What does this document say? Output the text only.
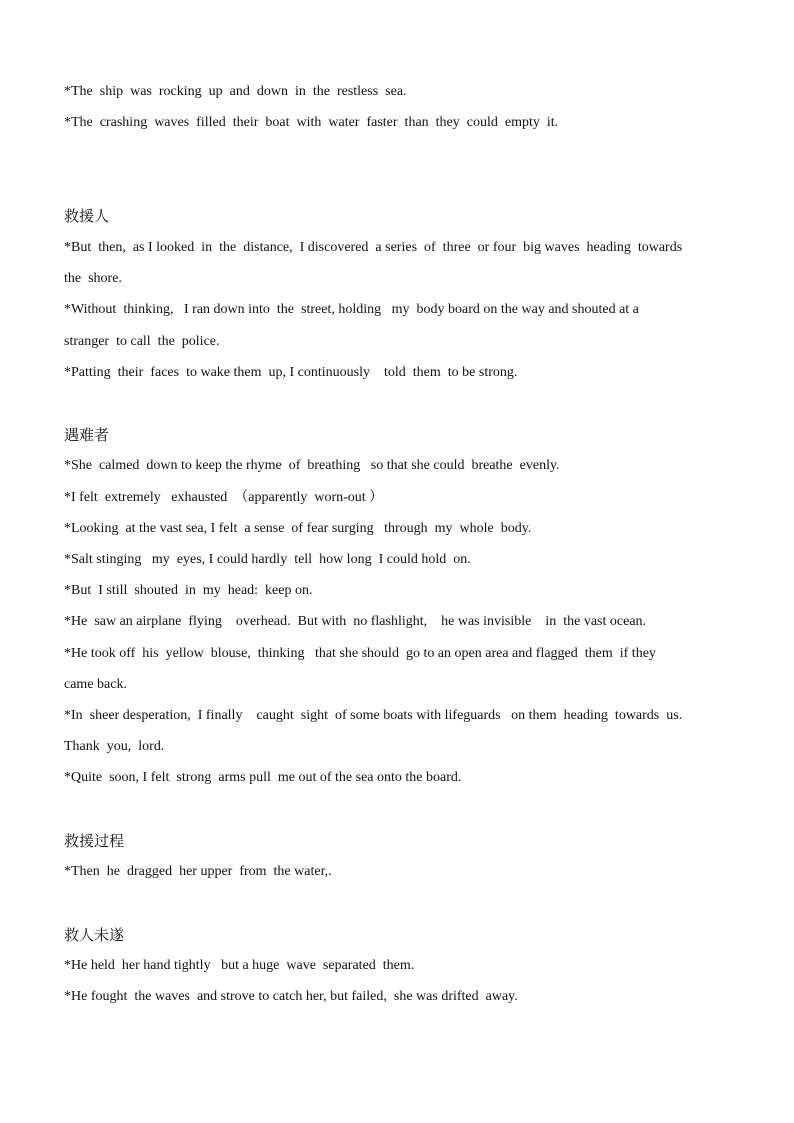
*The  ship  was  rocking  up  and  down  in  the  restless  sea.
*The  crashing  waves  filled  their  boat  with  water  faster  than  they  could  empty  it.
救援人
*But  then,  as I looked  in  the  distance,  I discovered  a series  of  three  or four  big waves  heading  towards
the  shore.
*Without  thinking,   I ran down into  the  street, holding   my  body board on the way and shouted at a
stranger  to call  the  police.
*Patting  their  faces  to wake them  up, I continuously    told  them  to be strong.
遇难者
*She  calmed  down to keep the rhyme  of  breathing   so that she could  breathe  evenly.
*I felt  extremely   exhausted  （apparently  worn-out ）
*Looking  at the vast sea, I felt  a sense  of fear surging   through  my  whole  body.
*Salt stinging   my  eyes, I could hardly  tell  how long  I could hold  on.
*But  I still  shouted  in  my  head:  keep on.
*He  saw an airplane  flying    overhead.  But with  no flashlight,    he was invisible    in  the vast ocean.
*He took off  his  yellow  blouse,  thinking   that she should  go to an open area and flagged  them  if they
came back.
*In  sheer desperation,  I finally    caught  sight  of some boats with lifeguards   on them  heading  towards  us.
Thank  you,  lord.
*Quite  soon, I felt  strong  arms pull  me out of the sea onto the board.
救援过程
*Then  he  dragged  her upper  from  the water,.
救人未遂
*He held  her hand tightly   but a huge  wave  separated  them.
*He fought  the waves  and strove to catch her, but failed,  she was drifted  away.
